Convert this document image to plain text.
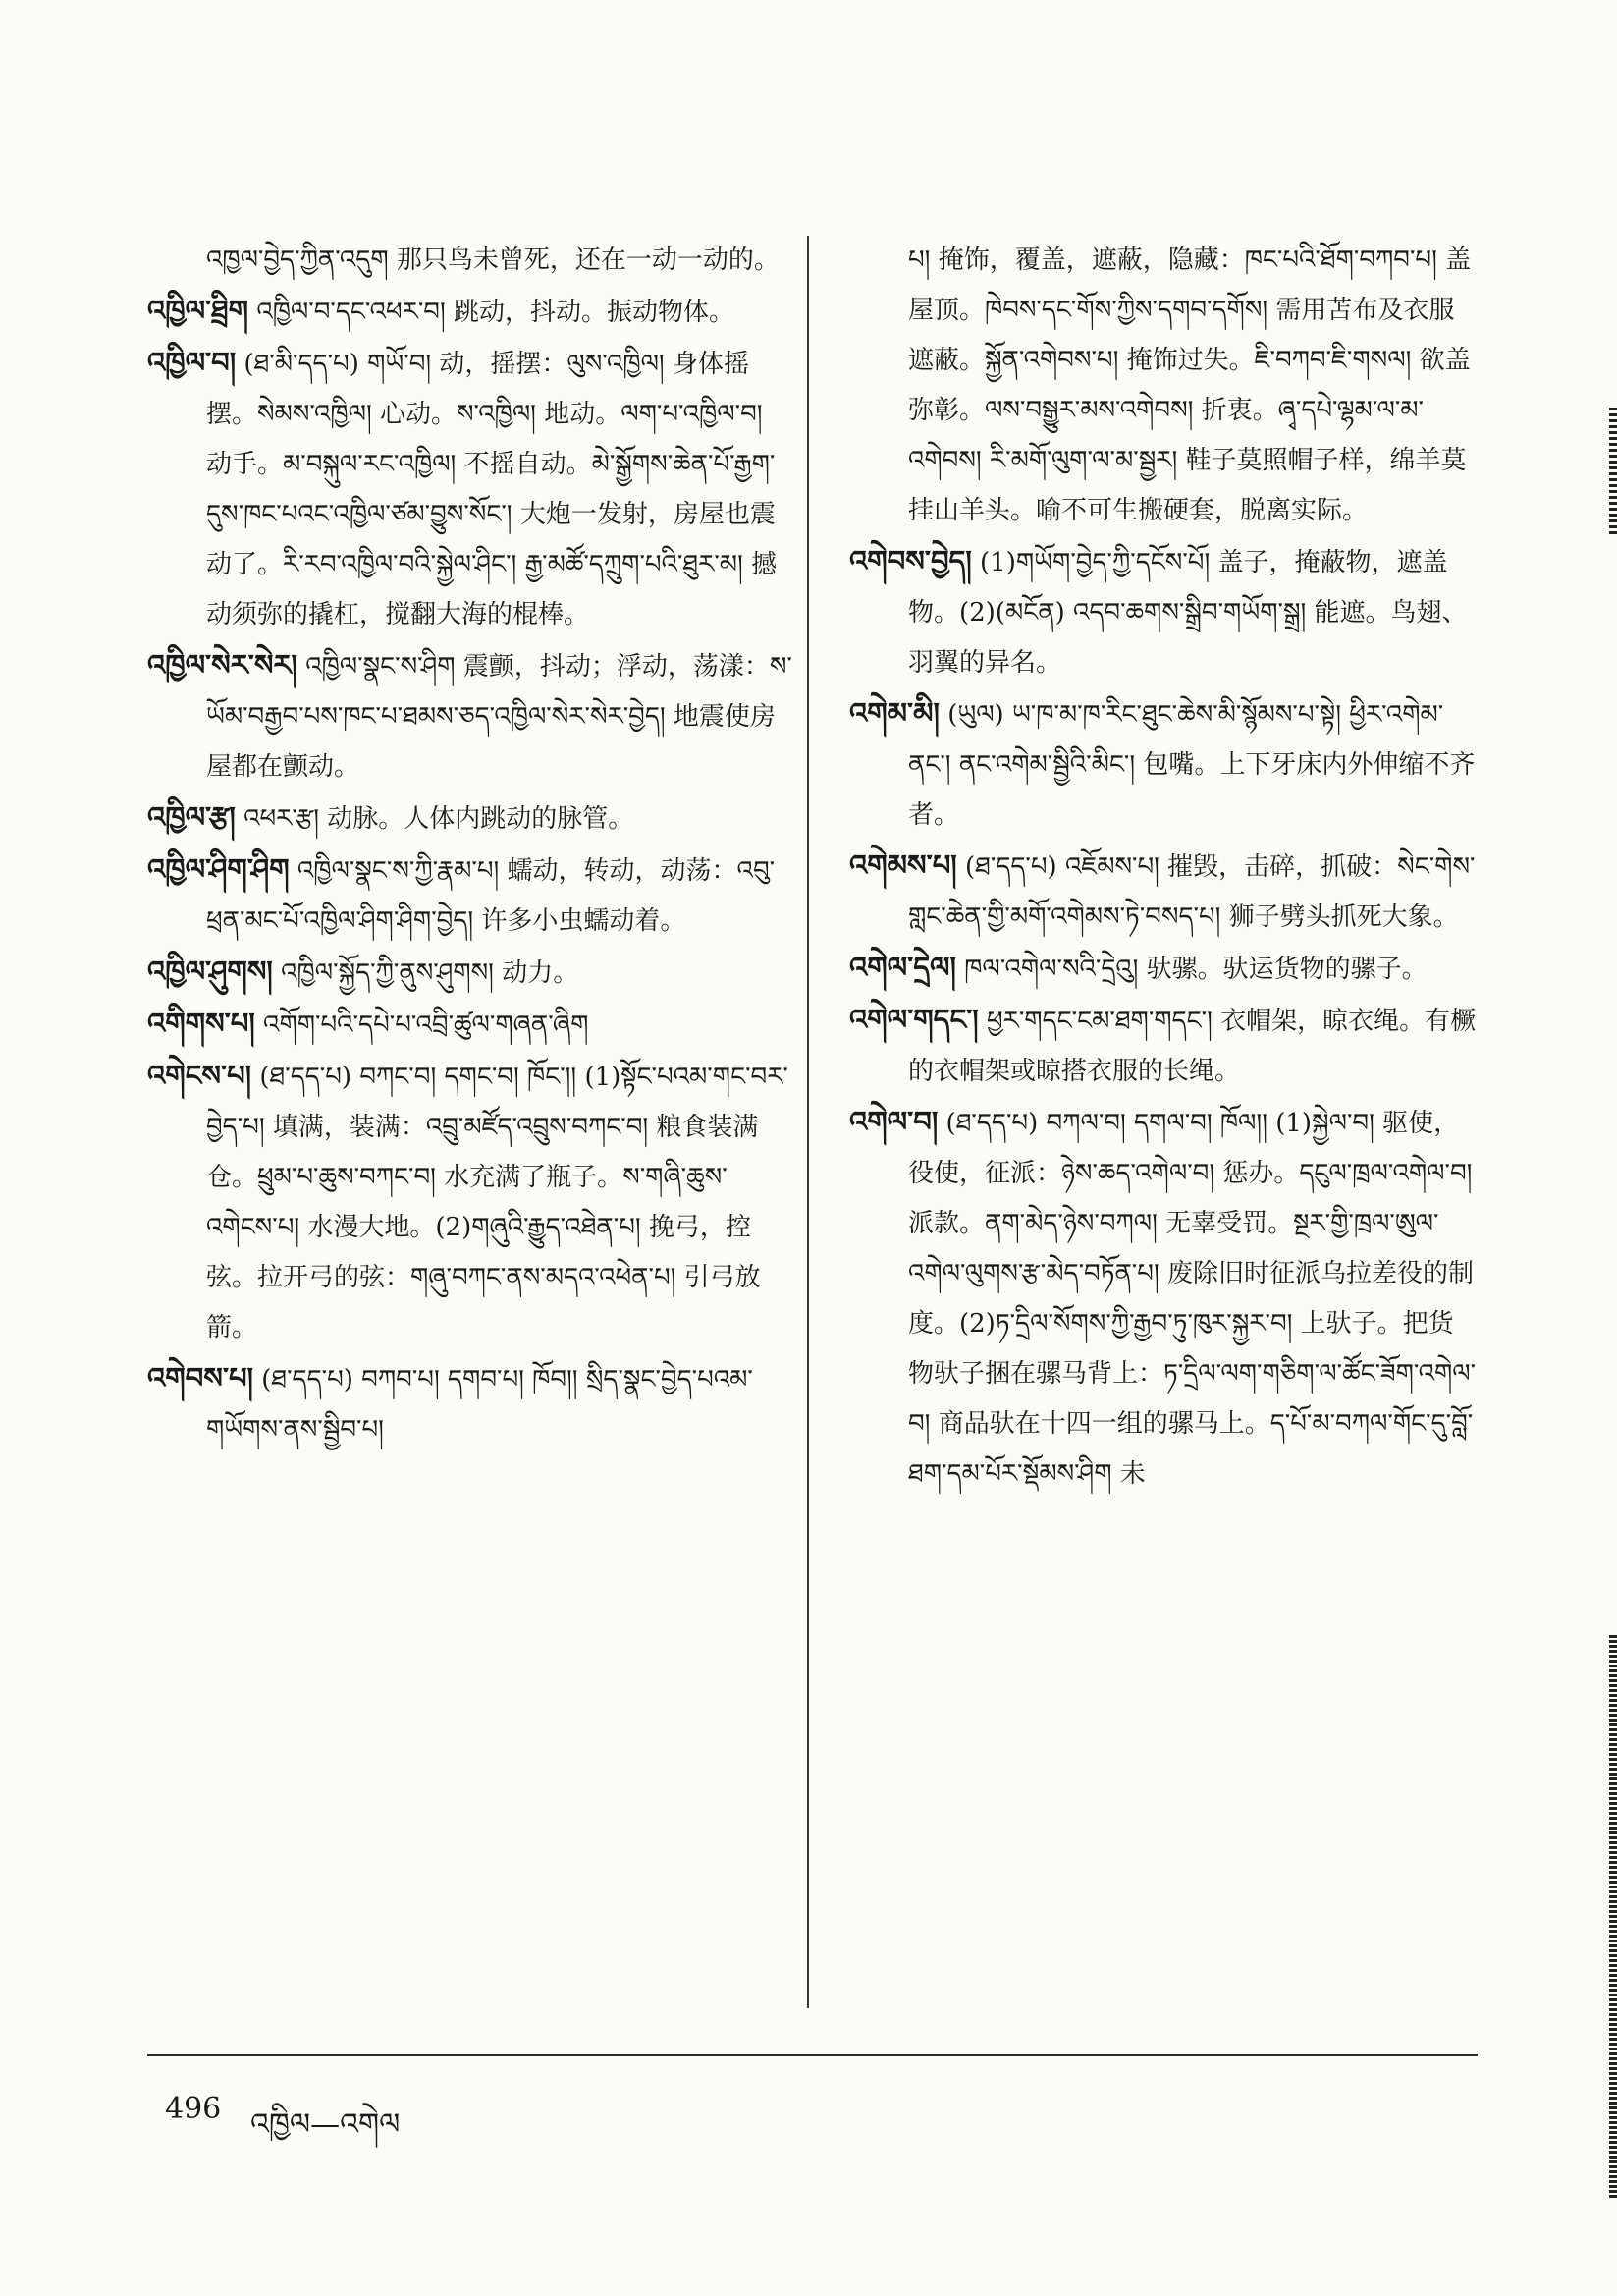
འཁྱལ་བྱེད་ཀྱིན་འདུག 那只鸟未曾死，还在一动一动的。

འཁྱིལ་ཐྲིག འཁྱིལ་བ་དང་འཕར་བ། 跳动，抖动。振动物体。

འཁྱིལ་བ། (ཐ་མི་དད་པ) གཡོ་བ། 动，摇摆：ལུས་འཁྱིལ། 身体摇摆。སེམས་འཁྱིལ། 心动。ས་འཁྱིལ། 地动。ལག་པ་འཁྱིལ་བ། 动手。མ་བསྐུལ་རང་འཁྱིལ། 不摇自动。མེ་སྒྱོགས་ཆེན་པོ་རྒྱག་དུས་ཁང་པའང་འཁྱིལ་ཙམ་བྱུས་སོང་། 大炮一发射，房屋也震动了。རི་རབ་འཁྱིལ་བའི་སྐྱེལ་ཤིང་། རྒྱ་མཚོ་དཀྲུག་པའི་ཐུར་མ། 撼动须弥的撬杠，搅翻大海的棍棒。

འཁྱིལ་སེར་སེར། འཁྱིལ་སྣང་ས་ཤིག 震颤，抖动；浮动，荡漾：ས་ཡོམ་བརྒྱབ་པས་ཁང་པ་ཐམས་ཅད་འཁྱིལ་སེར་སེར་བྱེད། 地震使房屋都在颤动。

འཁྱིལ་རྩ། འཕར་རྩ། 动脉。人体内跳动的脉管。

འཁྱིལ་ཤིག་ཤིག འཁྱིལ་སྣང་ས་ཀྱི་རྣམ་པ། 蠕动，转动，动荡：འབུ་ཕྲན་མང་པོ་འཁྱིལ་ཤིག་ཤིག་བྱེད། 许多小虫蠕动着。

འཁྱིལ་ཤུགས། འཁྱིལ་སྐྱོད་ཀྱི་ནུས་ཤུགས། 动力。

འགིགས་པ། འགོག་པའི་དཔེ་པ་འབྲི་ཚུལ་གཞན་ཞིག

འགེངས་པ། (ཐ་དད་པ) བཀང་བ། དགང་བ། ཁོང་།། (1)སྟོང་པའམ་གང་བར་བྱེད་པ། 填满，装满：འབྲུ་མཛོད་འབྲུས་བཀང་བ། 粮食装满仓。ཕྲུམ་པ་ཆུས་བཀང་བ། 水充满了瓶子。ས་གཞི་ཆུས་འགེངས་པ། 水漫大地。(2)གཞུའི་རྒྱུད་འཐེན་པ། 挽弓，控弦。拉开弓的弦：གཞུ་བཀང་ནས་མདའ་འཕེན་པ། 引弓放箭。

འགེབས་པ། (ཐ་དད་པ) བཀབ་པ། དགབ་པ། ཁོབ།། སྲིད་སྣང་བྱེད་པའམ་གཡོགས་ནས་སྦྱིབ་པ།

པ། 掩饰，覆盖，遮蔽，隐藏：ཁང་པའི་ཐོག་བཀབ་པ། 盖屋顶。ཁེབས་དང་གོས་ཀྱིས་དགབ་དགོས། 需用苫布及衣服遮蔽。སྐྱོན་འགེབས་པ། 掩饰过失。ཇི་བཀབ་ཇི་གསལ། 欲盖弥彰。ལས་བསྒྱུར་མས་འགེབས། 折衷。ཞྭ་དཔེ་ལྷམ་ལ་མ་འགེབས། རི་མགོ་ལུག་ལ་མ་སྦྱར། 鞋子莫照帽子样，绵羊莫挂山羊头。喻不可生搬硬套，脱离实际。

འགེབས་བྱེད། (1)གཡོག་བྱེད་ཀྱི་དངོས་པོ། 盖子，掩蔽物，遮盖物。(2)(མངོན) འདབ་ཆགས་སྒྲིབ་གཡོག་སྒྲ། 能遮。鸟翅、羽翼的异名。

འགེམ་མི། (ཡུལ) ཡ་ཁ་མ་ཁ་རིང་ཐུང་ཆེས་མི་སྙོམས་པ་སྟེ། ཕྱིར་འགེམ་ནང་། ནང་འགེམ་སྦྱིའི་མིང་། 包嘴。上下牙床内外伸缩不齐者。

འགེམས་པ། (ཐ་དད་པ) འཇོམས་པ། 摧毁，击碎，抓破：སེང་གེས་གླང་ཆེན་གྱི་མགོ་འགེམས་ཏེ་བསད་པ། 狮子劈头抓死大象。

འགེལ་དྲེལ། ཁལ་འགེལ་སའི་དྲེའུ། 驮骡。驮运货物的骡子。

འགེལ་གདང་། ཕྱར་གདང་ངམ་ཐག་གདང་། 衣帽架，晾衣绳。有橛的衣帽架或晾搭衣服的长绳。

འགེལ་བ། (ཐ་དད་པ) བཀལ་བ། དགལ་བ། ཁོལ།། (1)སྐྱེལ་བ། 驱使，役使，征派：ཉེས་ཆད་འགེལ་བ། 惩办。དངུལ་ཁྲལ་འགེལ་བ། 派款。ནག་མེད་ཉེས་བཀལ། 无辜受罚。སྔར་གྱི་ཁྲལ་ཨུལ་འགེལ་ལུགས་རྩ་མེད་བཏོན་པ། 废除旧时征派乌拉差役的制度。(2)ཏ་དྲིལ་སོགས་ཀྱི་རྒྱབ་ཏུ་ཁུར་སྐྱར་བ། 上驮子。把货物驮子捆在骡马背上：ཏ་དྲིལ་ལག་གཅིག་ལ་ཚོང་ཟོག་འགེལ་བ། 商品驮在十四一组的骡马上。ད་པོ་མ་བཀལ་གོང་དུ་བློ་ཐག་དམ་པོར་སྡོམས་ཤིག 未

496 འཁྱིལ—འགེལ
